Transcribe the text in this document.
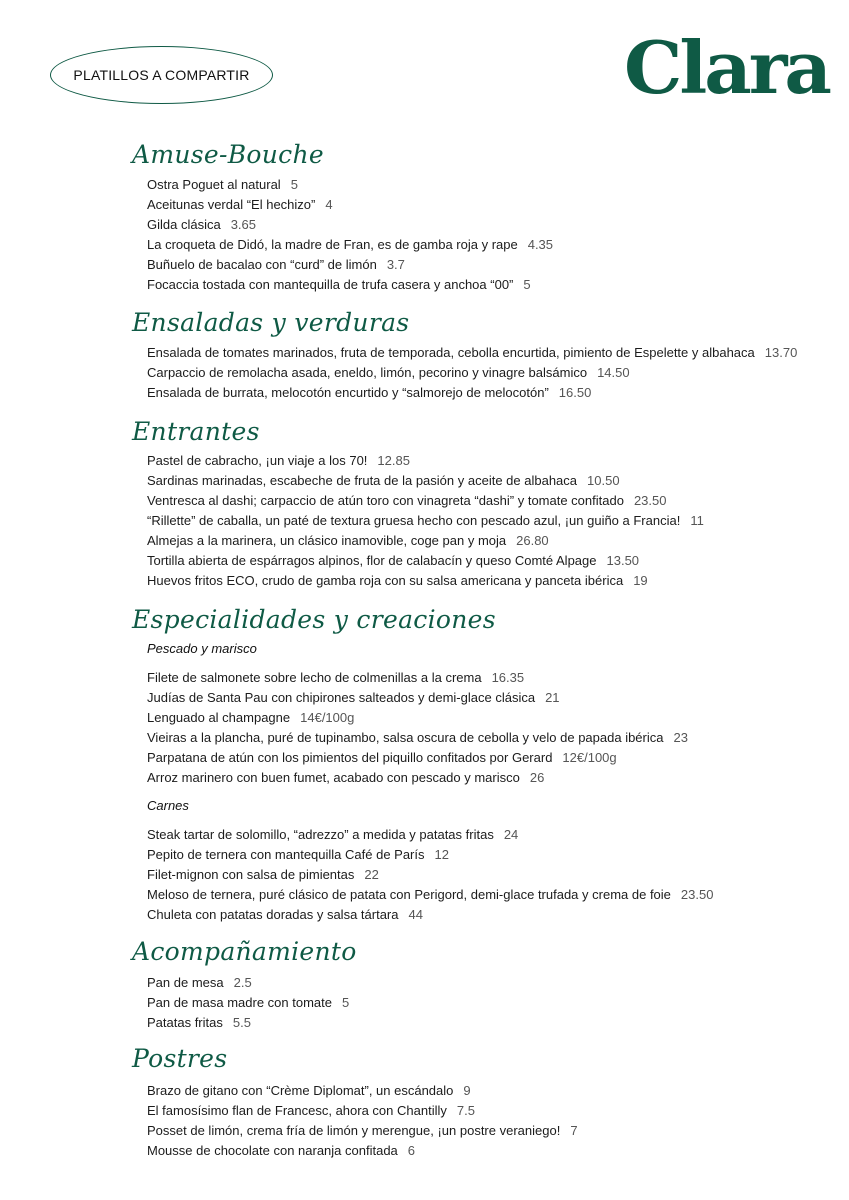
PLATILLOS A COMPARTIR	Clara
Amuse-Bouche
Ostra Poguet al natural 5
Aceitunas verdal “El hechizo” 4
Gilda clásica 3.65
La croqueta de Didó, la madre de Fran, es de gamba roja y rape 4.35
Buñuelo de bacalao con “curd” de limón 3.7
Focaccia tostada con mantequilla de trufa casera y anchoa “00” 5
Ensaladas y verduras
Ensalada de tomates marinados, fruta de temporada, cebolla encurtida, pimiento de Espelette y albahaca 13.70
Carpaccio de remolacha asada, eneldo, limón, pecorino y vinagre balsámico 14.50
Ensalada de burrata, melocotón encurtido y “salmorejo de melocotón” 16.50
Entrantes
Pastel de cabracho, ¡un viaje a los 70! 12.85
Sardinas marinadas, escabeche de fruta de la pasión y aceite de albahaca 10.50
Ventresca al dashi; carpaccio de atún toro con vinagreta “dashi” y tomate confitado 23.50
“Rillette” de caballa, un paté de textura gruesa hecho con pescado azul, ¡un guiño a Francia! 11
Almejas a la marinera, un clásico inamovible, coge pan y moja 26.80
Tortilla abierta de espárragos alpinos, flor de calabacín y queso Comté Alpage 13.50
Huevos fritos ECO, crudo de gamba roja con su salsa americana y panceta ibérica 19
Especialidades y creaciones
Pescado y marisco
Filete de salmonete sobre lecho de colmenillas a la crema 16.35
Judías de Santa Pau con chipirones salteados y demi-glace clásica 21
Lenguado al champagne 14€/100g
Vieiras a la plancha, puré de tupinambo, salsa oscura de cebolla y velo de papada ibérica 23
Parpatana de atún con los pimientos del piquillo confitados por Gerard 12€/100g
Arroz marinero con buen fumet, acabado con pescado y marisco 26
Carnes
Steak tartar de solomillo, “adrezzo” a medida y patatas fritas 24
Pepito de ternera con mantequilla Café de París 12
Filet-mignon con salsa de pimientas 22
Meloso de ternera, puré clásico de patata con Perigord, demi-glace trufada y crema de foie 23.50
Chuleta con patatas doradas y salsa tártara 44
Acompañamiento
Pan de mesa 2.5
Pan de masa madre con tomate 5
Patatas fritas 5.5
Postres
Brazo de gitano con “Crème Diplomat”, un escándalo 9
El famosísimo flan de Francesc, ahora con Chantilly 7.5
Posset de limón, crema fría de limón y merengue, ¡un postre veraniego! 7
Mousse de chocolate con naranja confitada 6
